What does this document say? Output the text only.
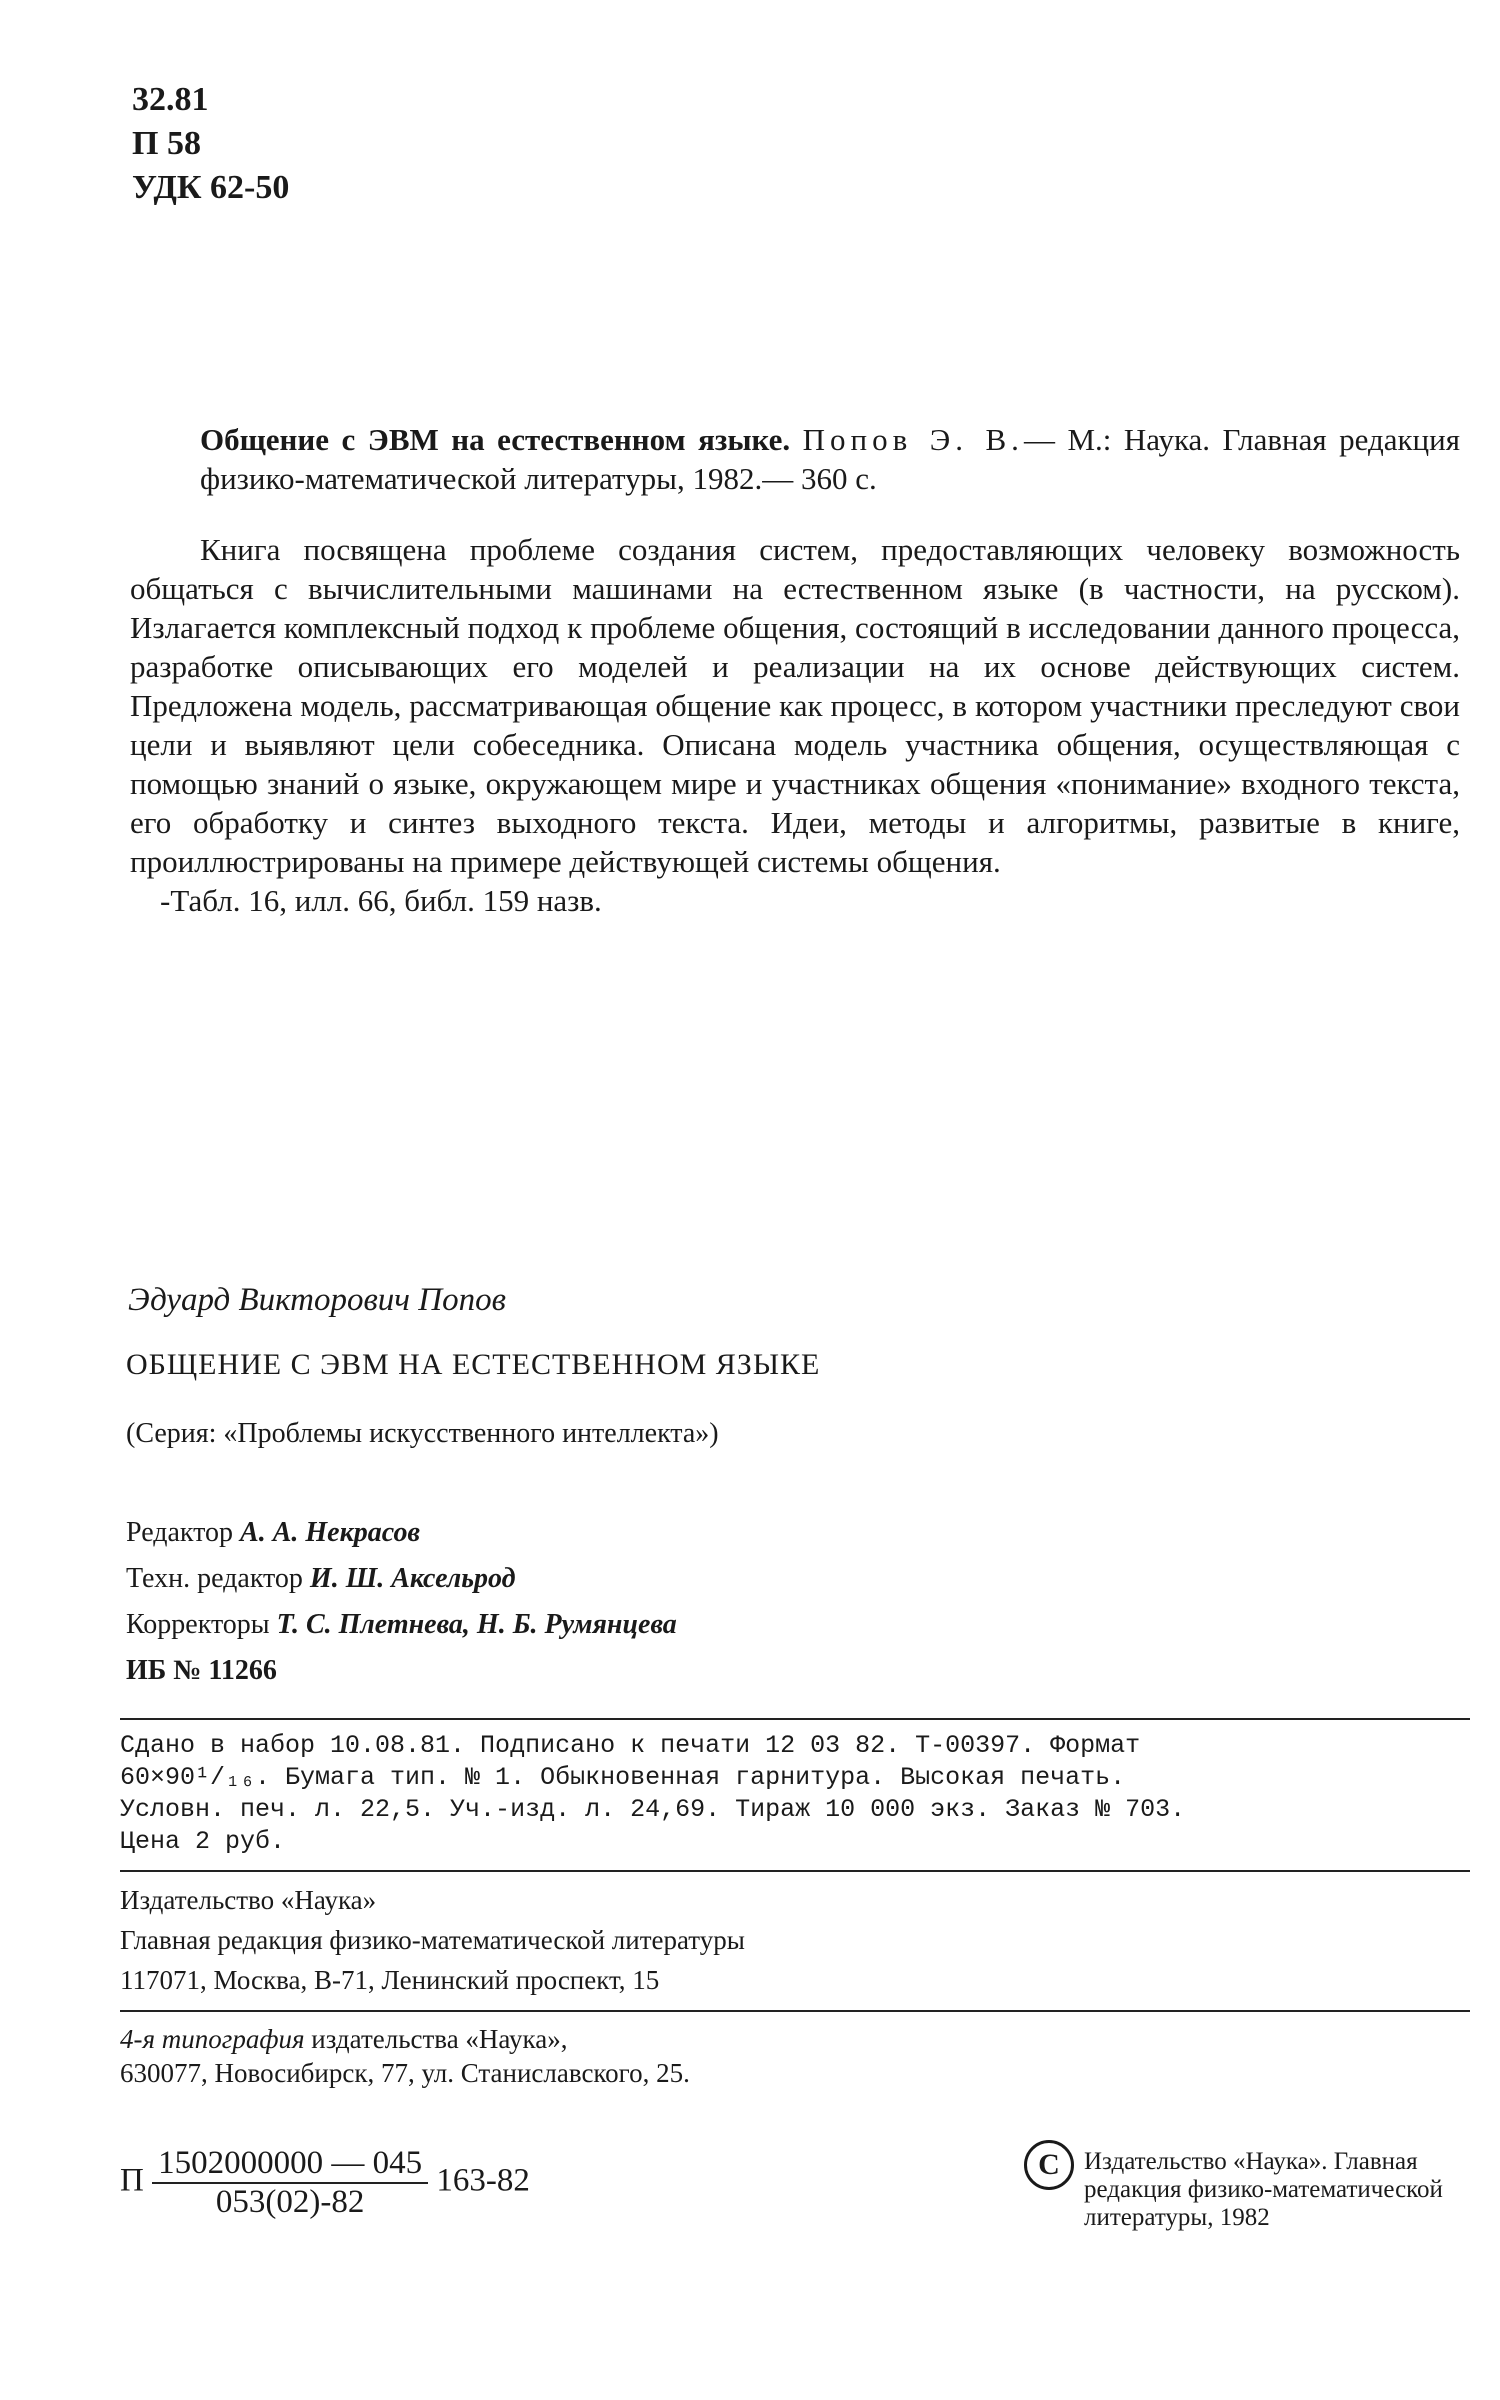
32.81
П 58
УДК 62-50
Общение с ЭВМ на естественном языке. Попов Э. В.— М.: Наука. Главная редакция физико-математической литературы, 1982.— 360 с.
Книга посвящена проблеме создания систем, предоставляющих человеку возможность общаться с вычислительными машинами на естественном языке (в частности, на русском). Излагается комплексный подход к проблеме общения, состоящий в исследовании данного процесса, разработке описывающих его моделей и реализации на их основе действующих систем. Предложена модель, рассматривающая общение как процесс, в котором участники преследуют свои цели и выявляют цели собеседника. Описана модель участника общения, осуществляющая с помощью знаний о языке, окружающем мире и участниках общения «понимание» входного текста, его обработку и синтез выходного текста. Идеи, методы и алгоритмы, развитые в книге, проиллюстрированы на примере действующей системы общения.
-Табл. 16, илл. 66, библ. 159 назв.
Эдуард Викторович Попов
ОБЩЕНИЕ С ЭВМ НА ЕСТЕСТВЕННОМ ЯЗЫКЕ
(Серия: «Проблемы искусственного интеллекта»)
Редактор А. А. Некрасов
Техн. редактор И. Ш. Аксельрод
Корректоры Т. С. Плетнева, Н. Б. Румянцева
ИБ № 11266
Сдано в набор 10.08.81. Подписано к печати 12 03 82. Т-00397. Формат
60×90¹/₁₆. Бумага тип. № 1. Обыкновенная гарнитура. Высокая печать.
Условн. печ. л. 22,5. Уч.-изд. л. 24,69. Тираж 10 000 экз. Заказ № 703.
Цена 2 руб.
Издательство «Наука»
Главная редакция физико-математической литературы
117071, Москва, В-71, Ленинский проспект, 15
4-я типография издательства «Наука»,
630077, Новосибирск, 77, ул. Станиславского, 25.
П $\frac{1502000000 — 045}{053(02)-82} 163-82$	C Издательство «Наука». Главная редакция физико-математической литературы, 1982
